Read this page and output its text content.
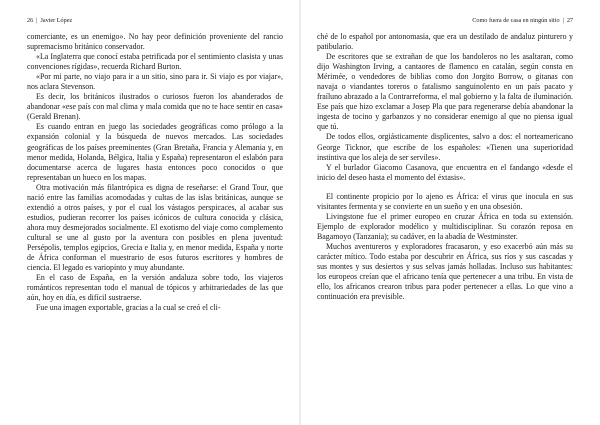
26 | Javier López

comerciante, es un enemigo». No hay peor definición proveniente del rancio supremacismo británico conservador.

«La Inglaterra que conocí estaba petrificada por el sentimiento clasista y unas convenciones rígidas», recuerda Richard Burton.

«Por mi parte, no viajo para ir a un sitio, sino para ir. Si viajo es por viajar», nos aclara Stevenson.

Es decir, los británicos ilustrados o curiosos fueron los abanderados de abandonar «ese país con mal clima y mala comida que no te hace sentir en casa» (Gerald Brenan).

Es cuando entran en juego las sociedades geográficas como prólogo a la expansión colonial y la búsqueda de nuevos mercados. Las sociedades geográficas de los países preeminentes (Gran Bretaña, Francia y Alemania y, en menor medida, Holanda, Bélgica, Italia y España) representaron el eslabón para documentarse acerca de lugares hasta entonces poco conocidos o que representaban un hueco en los mapas.

Otra motivación más filantrópica es digna de reseñarse: el Grand Tour, que nació entre las familias acomodadas y cultas de las islas británicas, aunque se extendió a otros países, y por el cual los vástagos perspicaces, al acabar sus estudios, pudieran recorrer los países icónicos de cultura conocida y clásica, ahora muy desmejorados socialmente. El exotismo del viaje como complemento cultural se une al gusto por la aventura con posibles en plena juventud: Persépolis, templos egipcios, Grecia e Italia y, en menor medida, España y norte de África conforman el muestrario de esos futuros escritores y hombres de ciencia. El legado es variopinto y muy abundante.

En el caso de España, en la versión andaluza sobre todo, los viajeros románticos representan todo el manual de tópicos y arbitrariedades de las que aún, hoy en día, es difícil sustraerse.

Fue una imagen exportable, gracias a la cual se creó el cli-

Como fuera de casa en ningún sitio | 27

ché de lo español por antonomasia, que era un destilado de andaluz pinturero y patibulario.

De escritores que se extrañan de que los bandoleros no les asaltaran, como dijo Washington Irving, a cantaores de flamenco en catalán, según consta en Mérimée, o vendedores de biblias como don Jorgito Borrow, o gitanas con navaja o viandantes toreros o fatalismo sanguinolento en un país pacato y fraíluno abrazado a la Contrarreforma, el mal gobierno y la falta de iluminación. Ese país que hizo exclamar a Josep Pla que para regenerarse debía abandonar la ingesta de tocino y garbanzos y no considerar enemigo al que no piensa igual que tú.

De todos ellos, orgiásticamente displicentes, salvo a dos: el norteamericano George Ticknor, que escribe de los españoles: «Tienen una superioridad instintiva que los aleja de ser serviles».

Y el burlador Giacomo Casanova, que encuentra en el fandango «desde el inicio del deseo hasta el momento del éxtasis».

El continente propicio por lo ajeno es África: el virus que inocula en sus visitantes fermenta y se convierte en un sueño y en una obsesión.

Livingstone fue el primer europeo en cruzar África en toda su extensión. Ejemplo de explorador modélico y multidisciplinar. Su corazón reposa en Bagamoyo (Tanzania); su cadáver, en la abadía de Westminster.

Muchos aventureros y exploradores fracasaron, y eso exacerbó aún más su carácter mítico. Todo estaba por descubrir en África, sus ríos y sus cascadas y sus montes y sus desiertos y sus selvas jamás holladas. Incluso sus habitantes: los europeos creían que el africano tenía que pertenecer a una tribu. En vista de ello, los africanos crearon tribus para poder pertenecer a ellas. Lo que vino a continuación era previsible.
